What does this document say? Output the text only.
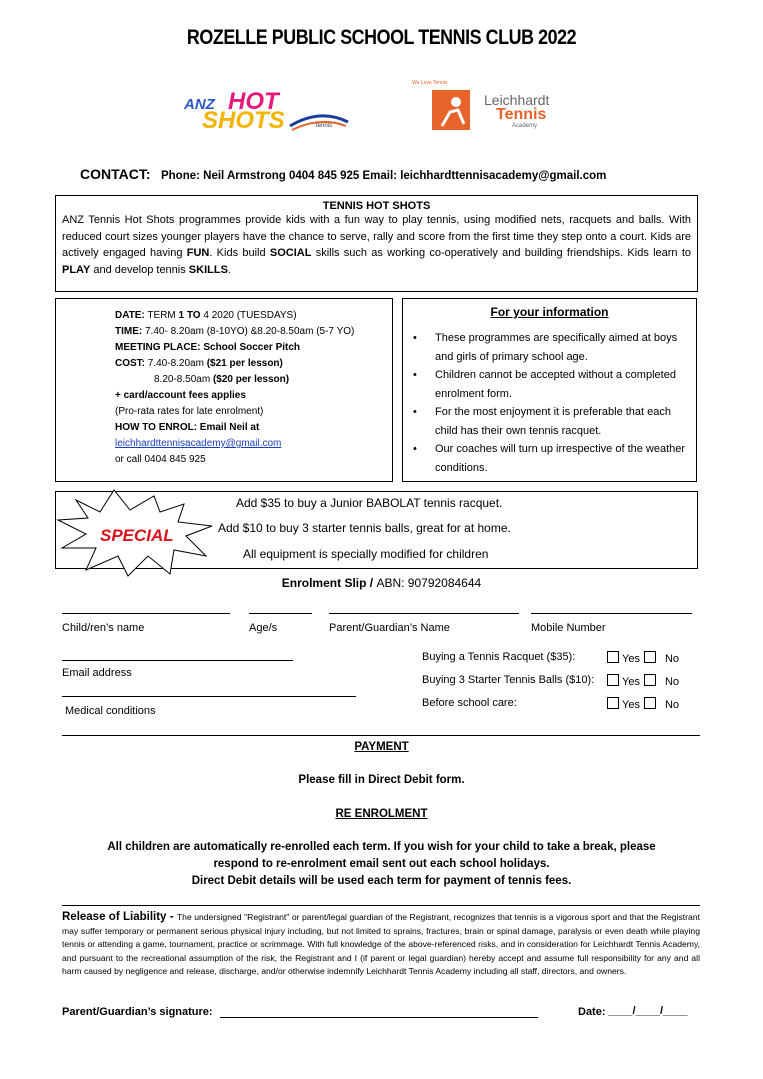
ROZELLE PUBLIC SCHOOL TENNIS CLUB 2022
ANZ HOT
SHOTS	tennis
We Love Tennis
Leichhardt
Tennis
Academy
CONTACT: Phone: Neil Armstrong 0404 845 925 Email: leichhardttennisacademy@gmail.com
TENNIS HOT SHOTS
ANZ Tennis Hot Shots programmes provide kids with a fun way to play tennis, using modified nets, racquets and balls. With reduced court sizes younger players have the chance to serve, rally and score from the first time they step onto a court. Kids are actively engaged having FUN. Kids build SOCIAL skills such as working co-operatively and building friendships. Kids learn to PLAY and develop tennis SKILLS.
DATE: TERM 1 TO 4 2020 (TUESDAYS)
TIME: 7.40- 8.20am (8-10YO) &8.20-8.50am (5-7 YO)
MEETING PLACE: School Soccer Pitch
COST: 7.40-8.20am ($21 per lesson)
8.20-8.50am ($20 per lesson)
+ card/account fees applies
(Pro-rata rates for late enrolment)
HOW TO ENROL: Email Neil at
leichhardttennisacademy@gmail.com
or call 0404 845 925
For your information
•	These programmes are specifically aimed at boys and girls of primary school age.
•	Children cannot be accepted without a completed enrolment form.
•	For the most enjoyment it is preferable that each child has their own tennis racquet.
•	Our coaches will turn up irrespective of the weather conditions.
SPECIAL
Add $35 to buy a Junior BABOLAT tennis racquet.
Add $10 to buy 3 starter tennis balls, great for at home.
All equipment is specially modified for children
Enrolment Slip / ABN: 90792084644
Child/ren’s name	Age/s	Parent/Guardian’s Name	Mobile Number
Email address
Medical conditions
Buying a Tennis Racquet ($35):	Yes No
Buying 3 Starter Tennis Balls ($10):	Yes No
Before school care:	Yes No
PAYMENT
Please fill in Direct Debit form.
RE ENROLMENT
All children are automatically re-enrolled each term. If you wish for your child to take a break, please
respond to re-enrolment email sent out each school holidays.
Direct Debit details will be used each term for payment of tennis fees.
Release of Liability - The undersigned "Registrant" or parent/legal guardian of the Registrant, recognizes that tennis is a vigorous sport and that the Registrant may suffer temporary or permanent serious physical injury including, but not limited to sprains, fractures, brain or spinal damage, paralysis or even death while playing tennis or attending a game, tournament, practice or scrimmage. With full knowledge of the above-referenced risks, and in consideration for Leichhardt Tennis Academy, and pursuant to the recreational assumption of the risk, the Registrant and I (if parent or legal guardian) hereby accept and assume full responsibility for any and all harm caused by negligence and release, discharge, and/or otherwise indemnify Leichhardt Tennis Academy including all staff, directors, and owners.
Parent/Guardian’s signature:	Date: ____/____/____
